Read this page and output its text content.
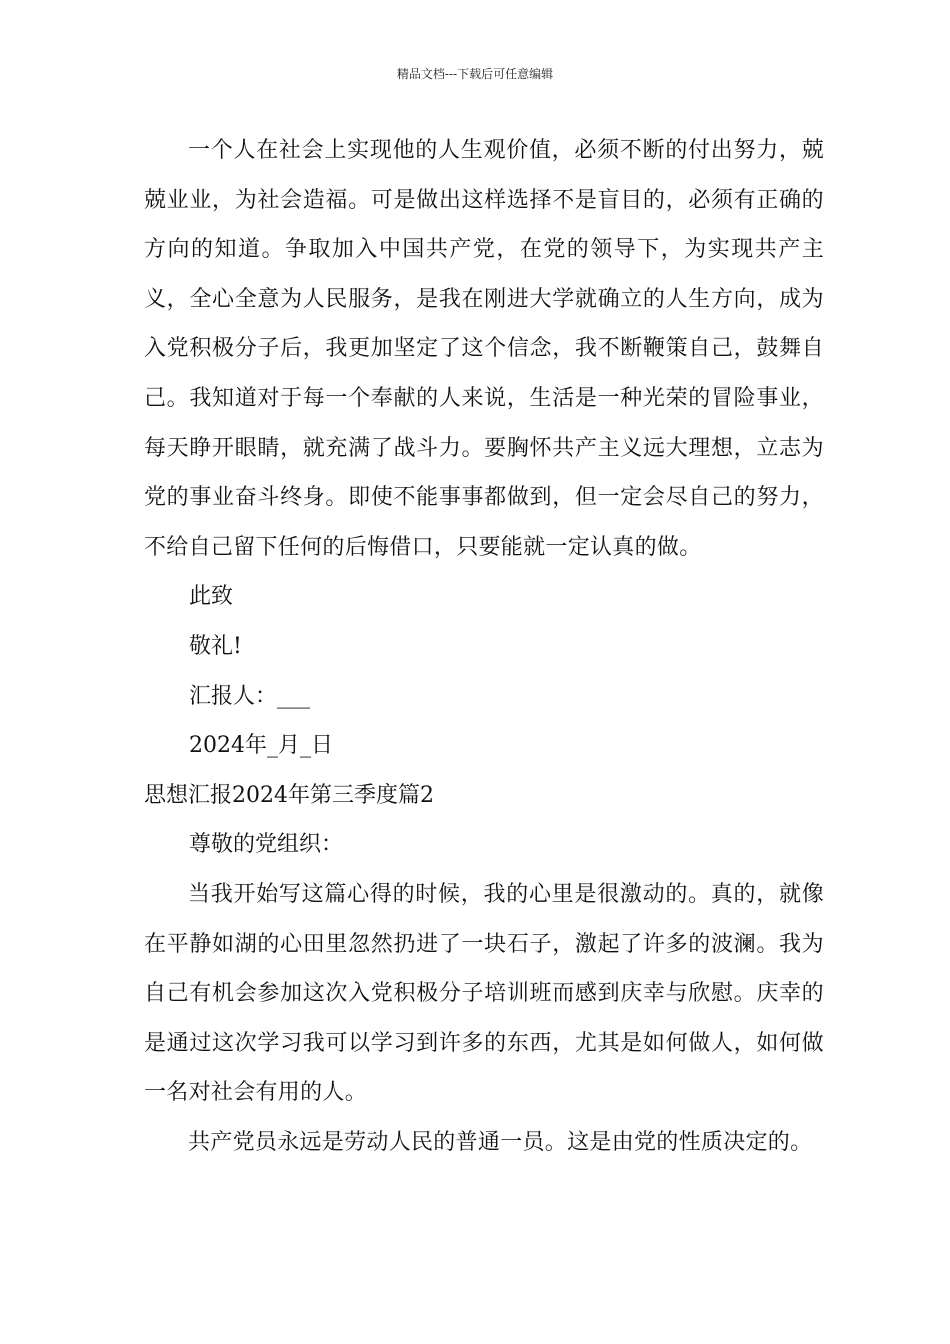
精品文档---下载后可任意编辑

一个人在社会上实现他的人生观价值，必须不断的付出努力，兢兢业业，为社会造福。可是做出这样选择不是盲目的，必须有正确的方向的知道。争取加入中国共产党，在党的领导下，为实现共产主义，全心全意为人民服务，是我在刚进大学就确立的人生方向，成为入党积极分子后，我更加坚定了这个信念，我不断鞭策自己，鼓舞自己。我知道对于每一个奉献的人来说，生活是一种光荣的冒险事业，每天睁开眼睛，就充满了战斗力。要胸怀共产主义远大理想，立志为党的事业奋斗终身。即使不能事事都做到，但一定会尽自己的努力，不给自己留下任何的后悔借口，只要能就一定认真的做。

此致

敬礼!

汇报人：___

2024年_月_日

思想汇报2024年第三季度篇2

尊敬的党组织：

当我开始写这篇心得的时候，我的心里是很激动的。真的，就像在平静如湖的心田里忽然扔进了一块石子，激起了许多的波澜。我为自己有机会参加这次入党积极分子培训班而感到庆幸与欣慰。庆幸的是通过这次学习我可以学习到许多的东西，尤其是如何做人，如何做一名对社会有用的人。

共产党员永远是劳动人民的普通一员。这是由党的性质决定的。
